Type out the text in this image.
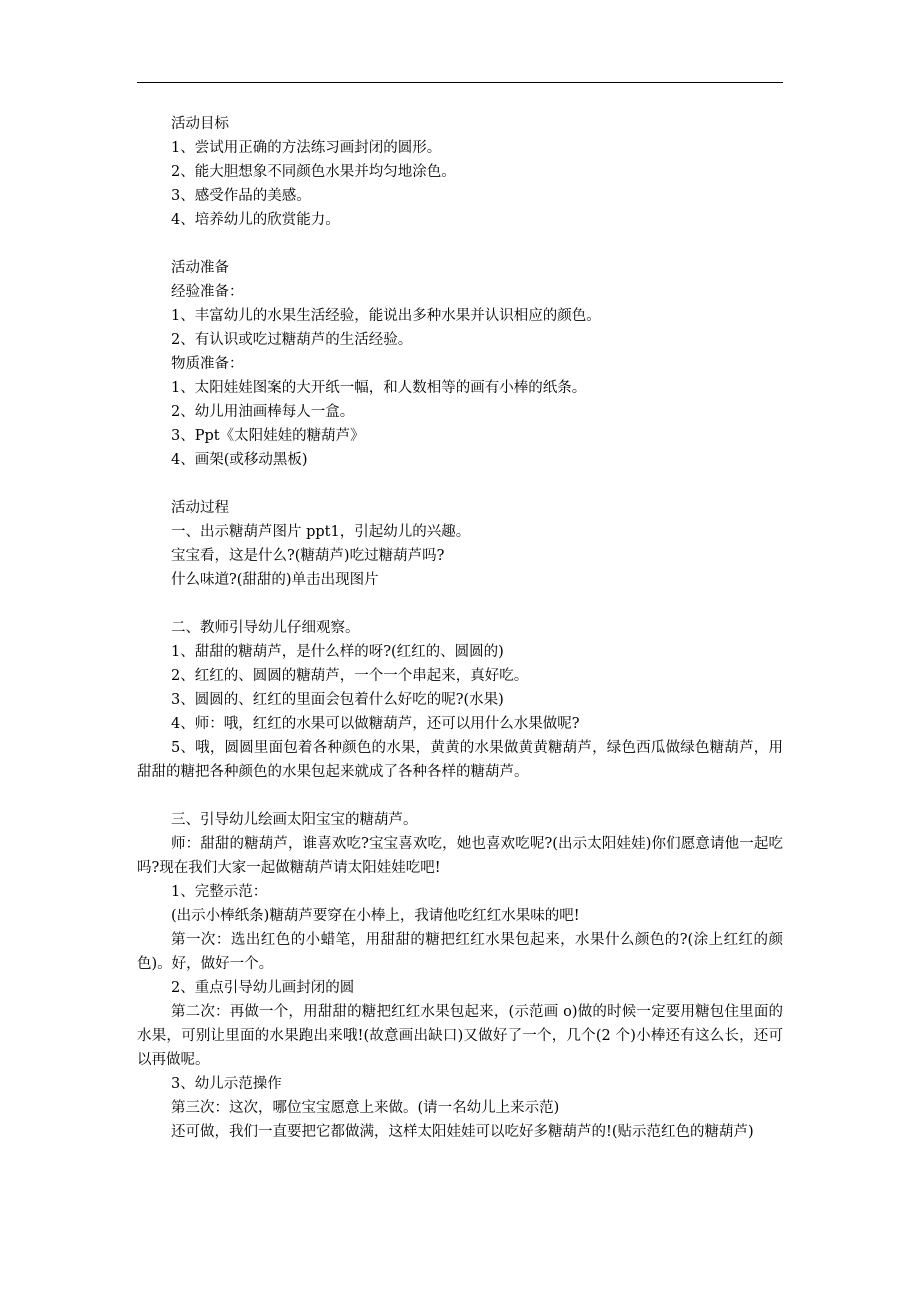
活动目标
1、尝试用正确的方法练习画封闭的圆形。
2、能大胆想象不同颜色水果并均匀地涂色。
3、感受作品的美感。
4、培养幼儿的欣赏能力。
活动准备
经验准备：
1、丰富幼儿的水果生活经验，能说出多种水果并认识相应的颜色。
2、有认识或吃过糖葫芦的生活经验。
物质准备：
1、太阳娃娃图案的大开纸一幅，和人数相等的画有小棒的纸条。
2、幼儿用油画棒每人一盒。
3、Ppt《太阳娃娃的糖葫芦》
4、画架(或移动黑板)
活动过程
一、出示糖葫芦图片 ppt1，引起幼儿的兴趣。
宝宝看，这是什么?(糖葫芦)吃过糖葫芦吗?
什么味道?(甜甜的)单击出现图片
二、教师引导幼儿仔细观察。
1、甜甜的糖葫芦，是什么样的呀?(红红的、圆圆的)
2、红红的、圆圆的糖葫芦，一个一个串起来，真好吃。
3、圆圆的、红红的里面会包着什么好吃的呢?(水果)
4、师：哦，红红的水果可以做糖葫芦，还可以用什么水果做呢?
5、哦，圆圆里面包着各种颜色的水果，黄黄的水果做黄黄糖葫芦，绿色西瓜做绿色糖葫芦，用甜甜的糖把各种颜色的水果包起来就成了各种各样的糖葫芦。
三、引导幼儿绘画太阳宝宝的糖葫芦。
师：甜甜的糖葫芦，谁喜欢吃?宝宝喜欢吃，她也喜欢吃呢?(出示太阳娃娃)你们愿意请他一起吃吗?现在我们大家一起做糖葫芦请太阳娃娃吃吧!
1、完整示范：
(出示小棒纸条)糖葫芦要穿在小棒上，我请他吃红红水果味的吧!
第一次：选出红色的小蜡笔，用甜甜的糖把红红水果包起来，水果什么颜色的?(涂上红红的颜色)。好，做好一个。
2、重点引导幼儿画封闭的圆
第二次：再做一个，用甜甜的糖把红红水果包起来，(示范画 o)做的时候一定要用糖包住里面的水果，可别让里面的水果跑出来哦!(故意画出缺口)又做好了一个，几个(2 个)小棒还有这么长，还可以再做呢。
3、幼儿示范操作
第三次：这次，哪位宝宝愿意上来做。(请一名幼儿上来示范)
还可做，我们一直要把它都做满，这样太阳娃娃可以吃好多糖葫芦的!(贴示范红色的糖葫芦)
